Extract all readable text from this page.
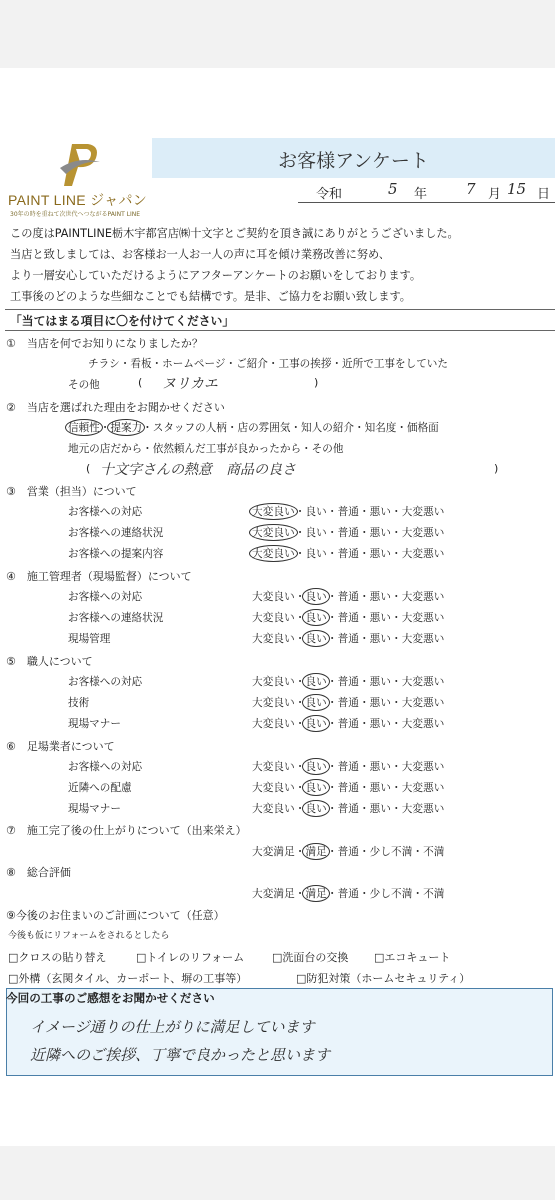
PAINT LINE ジャパン
30年の時を重ねて次世代へつながるPAINT LINE
お客様アンケート
令和	5 年	7 月 15 日
この度はPAINTLINE栃木宇都宮店㈱十文字とご契約を頂き誠にありがとうございました。
当店と致しましては、お客様お一人お一人の声に耳を傾け業務改善に努め、
より一層安心していただけるようにアフターアンケートのお願いをしております。
工事後のどのような些細なことでも結構です。是非、ご協力をお願い致します。
「当てはまる項目に〇を付けてください」
①　当店を何でお知りになりましたか？
チラシ・看板・ホームページ・ご紹介・工事の挨拶・近所で工事をしていた
その他	( ヌリカエ	)
②　当店を選ばれた理由をお聞かせください
信頼性・提案力・スタッフの人柄・店の雰囲気・知人の紹介・知名度・価格面
地元の店だから・依然頼んだ工事が良かったから・その他
( 十文字さんの熱意　商品の良さ	)
③　営業（担当）について
お客様への対応	大変良い・良い・普通・悪い・大変悪い
お客様への連絡状況	大変良い・良い・普通・悪い・大変悪い
お客様への提案内容	大変良い・良い・普通・悪い・大変悪い
④　施工管理者（現場監督）について
お客様への対応	大変良い・良い・普通・悪い・大変悪い
お客様への連絡状況	大変良い・良い・普通・悪い・大変悪い
現場管理	大変良い・良い・普通・悪い・大変悪い
⑤　職人について
お客様への対応	大変良い・良い・普通・悪い・大変悪い
技術	大変良い・良い・普通・悪い・大変悪い
現場マナー	大変良い・良い・普通・悪い・大変悪い
⑥　足場業者について
お客様への対応	大変良い・良い・普通・悪い・大変悪い
近隣への配慮	大変良い・良い・普通・悪い・大変悪い
現場マナー	大変良い・良い・普通・悪い・大変悪い
⑦　施工完了後の仕上がりについて（出来栄え）
大変満足・満足・普通・少し不満・不満
⑧　総合評価
大変満足・満足・普通・少し不満・不満
⑨今後のお住まいのご計画について（任意）
今後も仮にリフォームをされるとしたら
□クロスの貼り替え	□トイレのリフォーム	□洗面台の交換 □エコキュート
□外構（玄関タイル、カーポート、塀の工事等）	□防犯対策（ホームセキュリティ）
今回の工事のご感想をお聞かせください
イメージ通りの仕上がりに満足しています
近隣へのご挨拶、丁寧で良かったと思います
